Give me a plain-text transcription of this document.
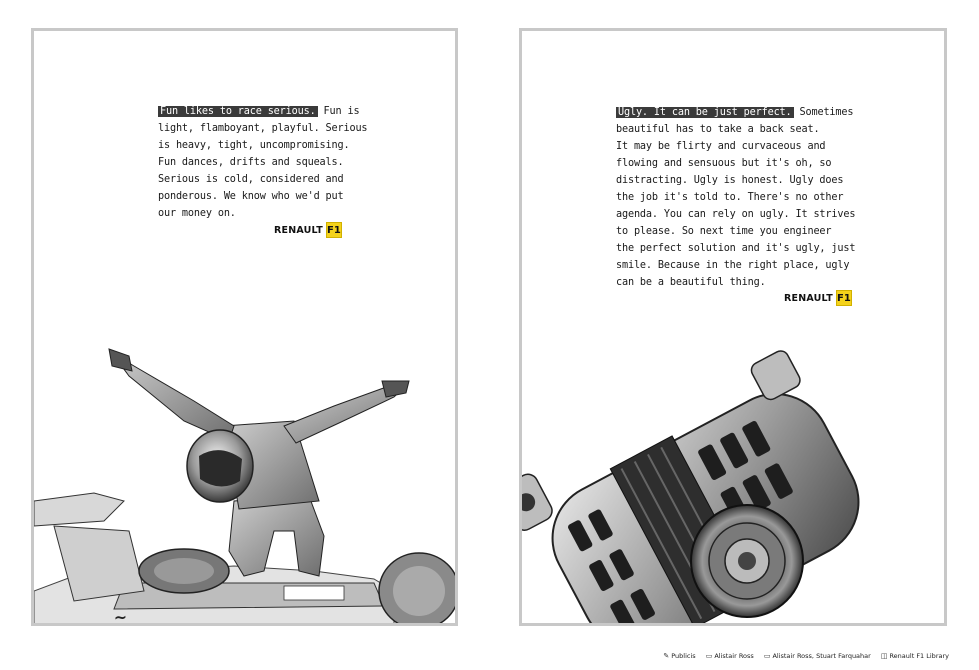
Fun likes to race serious. Fun is
light, flamboyant, playful. Serious
is heavy, tight, uncompromising.
Fun dances, drifts and squeals.
Serious is cold, considered and
ponderous. We know who we'd put
our money on.
RENAULT F1
~
Ugly. It can be just perfect. Sometimes
beautiful has to take a back seat.
It may be flirty and curvaceous and
flowing and sensuous but it's oh, so
distracting. Ugly is honest. Ugly does
the job it's told to. There's no other
agenda. You can rely on ugly. It strives
to please. So next time you engineer
the perfect solution and it's ugly, just
smile. Because in the right place, ugly
can be a beautiful thing.
RENAULT F1
✎ Publicis ▭ Alistair Ross ▭ Alistair Ross, Stuart Farquahar ◫ Renault F1 Library
